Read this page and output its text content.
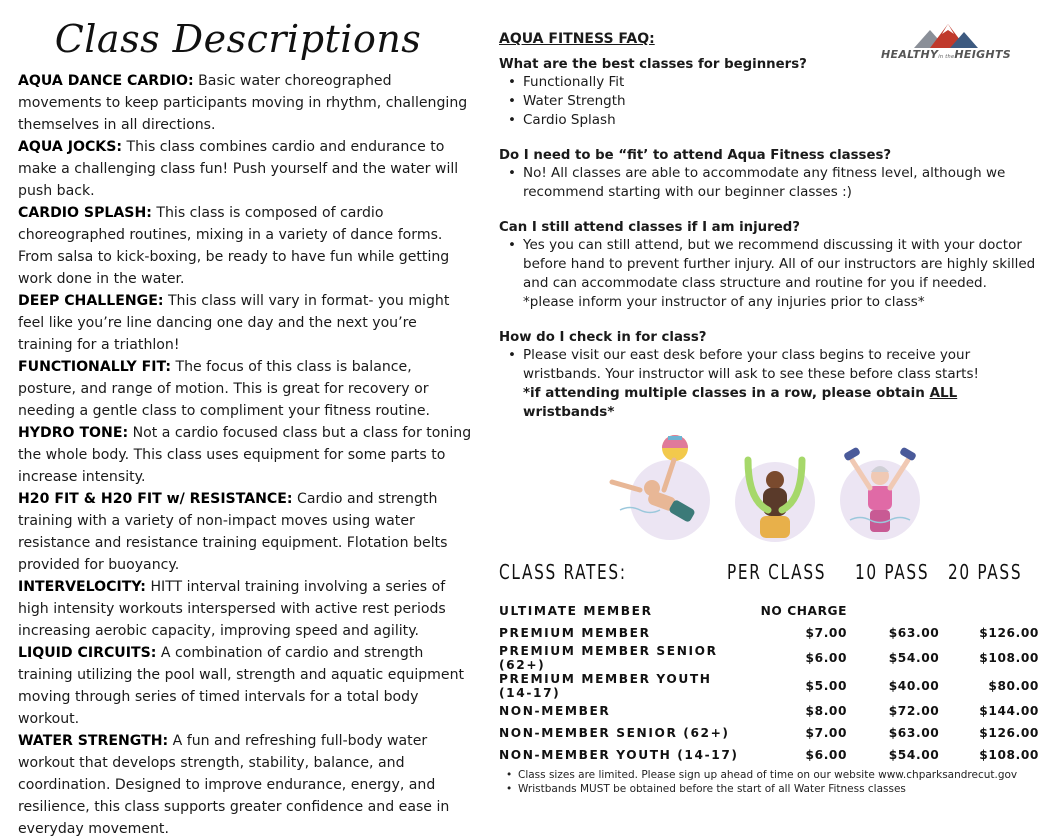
Class Descriptions

AQUA DANCE CARDIO: Basic water choreographed movements to keep participants moving in rhythm, challenging themselves in all directions.

AQUA JOCKS: This class combines cardio and endurance to make a challenging class fun! Push yourself and the water will push back.

CARDIO SPLASH: This class is composed of cardio choreographed routines, mixing in a variety of dance forms. From salsa to kick-boxing, be ready to have fun while getting work done in the water.

DEEP CHALLENGE: This class will vary in format- you might feel like you’re line dancing one day and the next you’re training for a triathlon!

FUNCTIONALLY FIT: The focus of this class is balance, posture, and range of motion. This is great for recovery or needing a gentle class to compliment your fitness routine.

HYDRO TONE: Not a cardio focused class but a class for toning the whole body. This class uses equipment for some parts to increase intensity.

H20 FIT & H20 FIT w/ RESISTANCE: Cardio and strength training with a variety of non-impact moves using water resistance and resistance training equipment. Flotation belts provided for buoyancy.

INTERVELOCITY: HITT interval training involving a series of high intensity workouts interspersed with active rest periods increasing aerobic capacity, improving speed and agility.

LIQUID CIRCUITS: A combination of cardio and strength training utilizing the pool wall, strength and aquatic equipment moving through series of timed intervals for a total body workout.

WATER STRENGTH: A fun and refreshing full-body water workout that develops strength, stability, balance, and coordination. Designed to improve endurance, energy, and resilience, this class supports greater confidence and ease in everyday movement.

HEALTHYin theHEIGHTS
AQUA FITNESS FAQ:
What are the best classes for beginners?
• Functionally Fit
• Water Strength
• Cardio Splash
Do I need to be “fit’ to attend Aqua Fitness classes?
• No! All classes are able to accommodate any fitness level, although we recommend starting with our beginner classes :)
Can I still attend classes if I am injured?
• Yes you can still attend, but we recommend discussing it with your doctor before hand to prevent further injury. All of our instructors are highly skilled and can accommodate class structure and routine for you if needed.
*please inform your instructor of any injuries prior to class*
How do I check in for class?
• Please visit our east desk before your class begins to receive your wristbands. Your instructor will ask to see these before class starts!
*if attending multiple classes in a row, please obtain ALL wristbands*
CLASS RATES:	PER CLASS 10 PASS 20 PASS
ULTIMATE MEMBER	NO CHARGE		
PREMIUM MEMBER	$7.00	$63.00	$126.00
PREMIUM MEMBER SENIOR (62+)	$6.00	$54.00	$108.00
PREMIUM MEMBER YOUTH (14-17)	$5.00	$40.00	$80.00
NON-MEMBER	$8.00	$72.00	$144.00
NON-MEMBER SENIOR (62+)	$7.00	$63.00	$126.00
NON-MEMBER YOUTH (14-17)	$6.00	$54.00	$108.00
• Class sizes are limited. Please sign up ahead of time on our website www.chparksandrecut.gov
• Wristbands MUST be obtained before the start of all Water Fitness classes
